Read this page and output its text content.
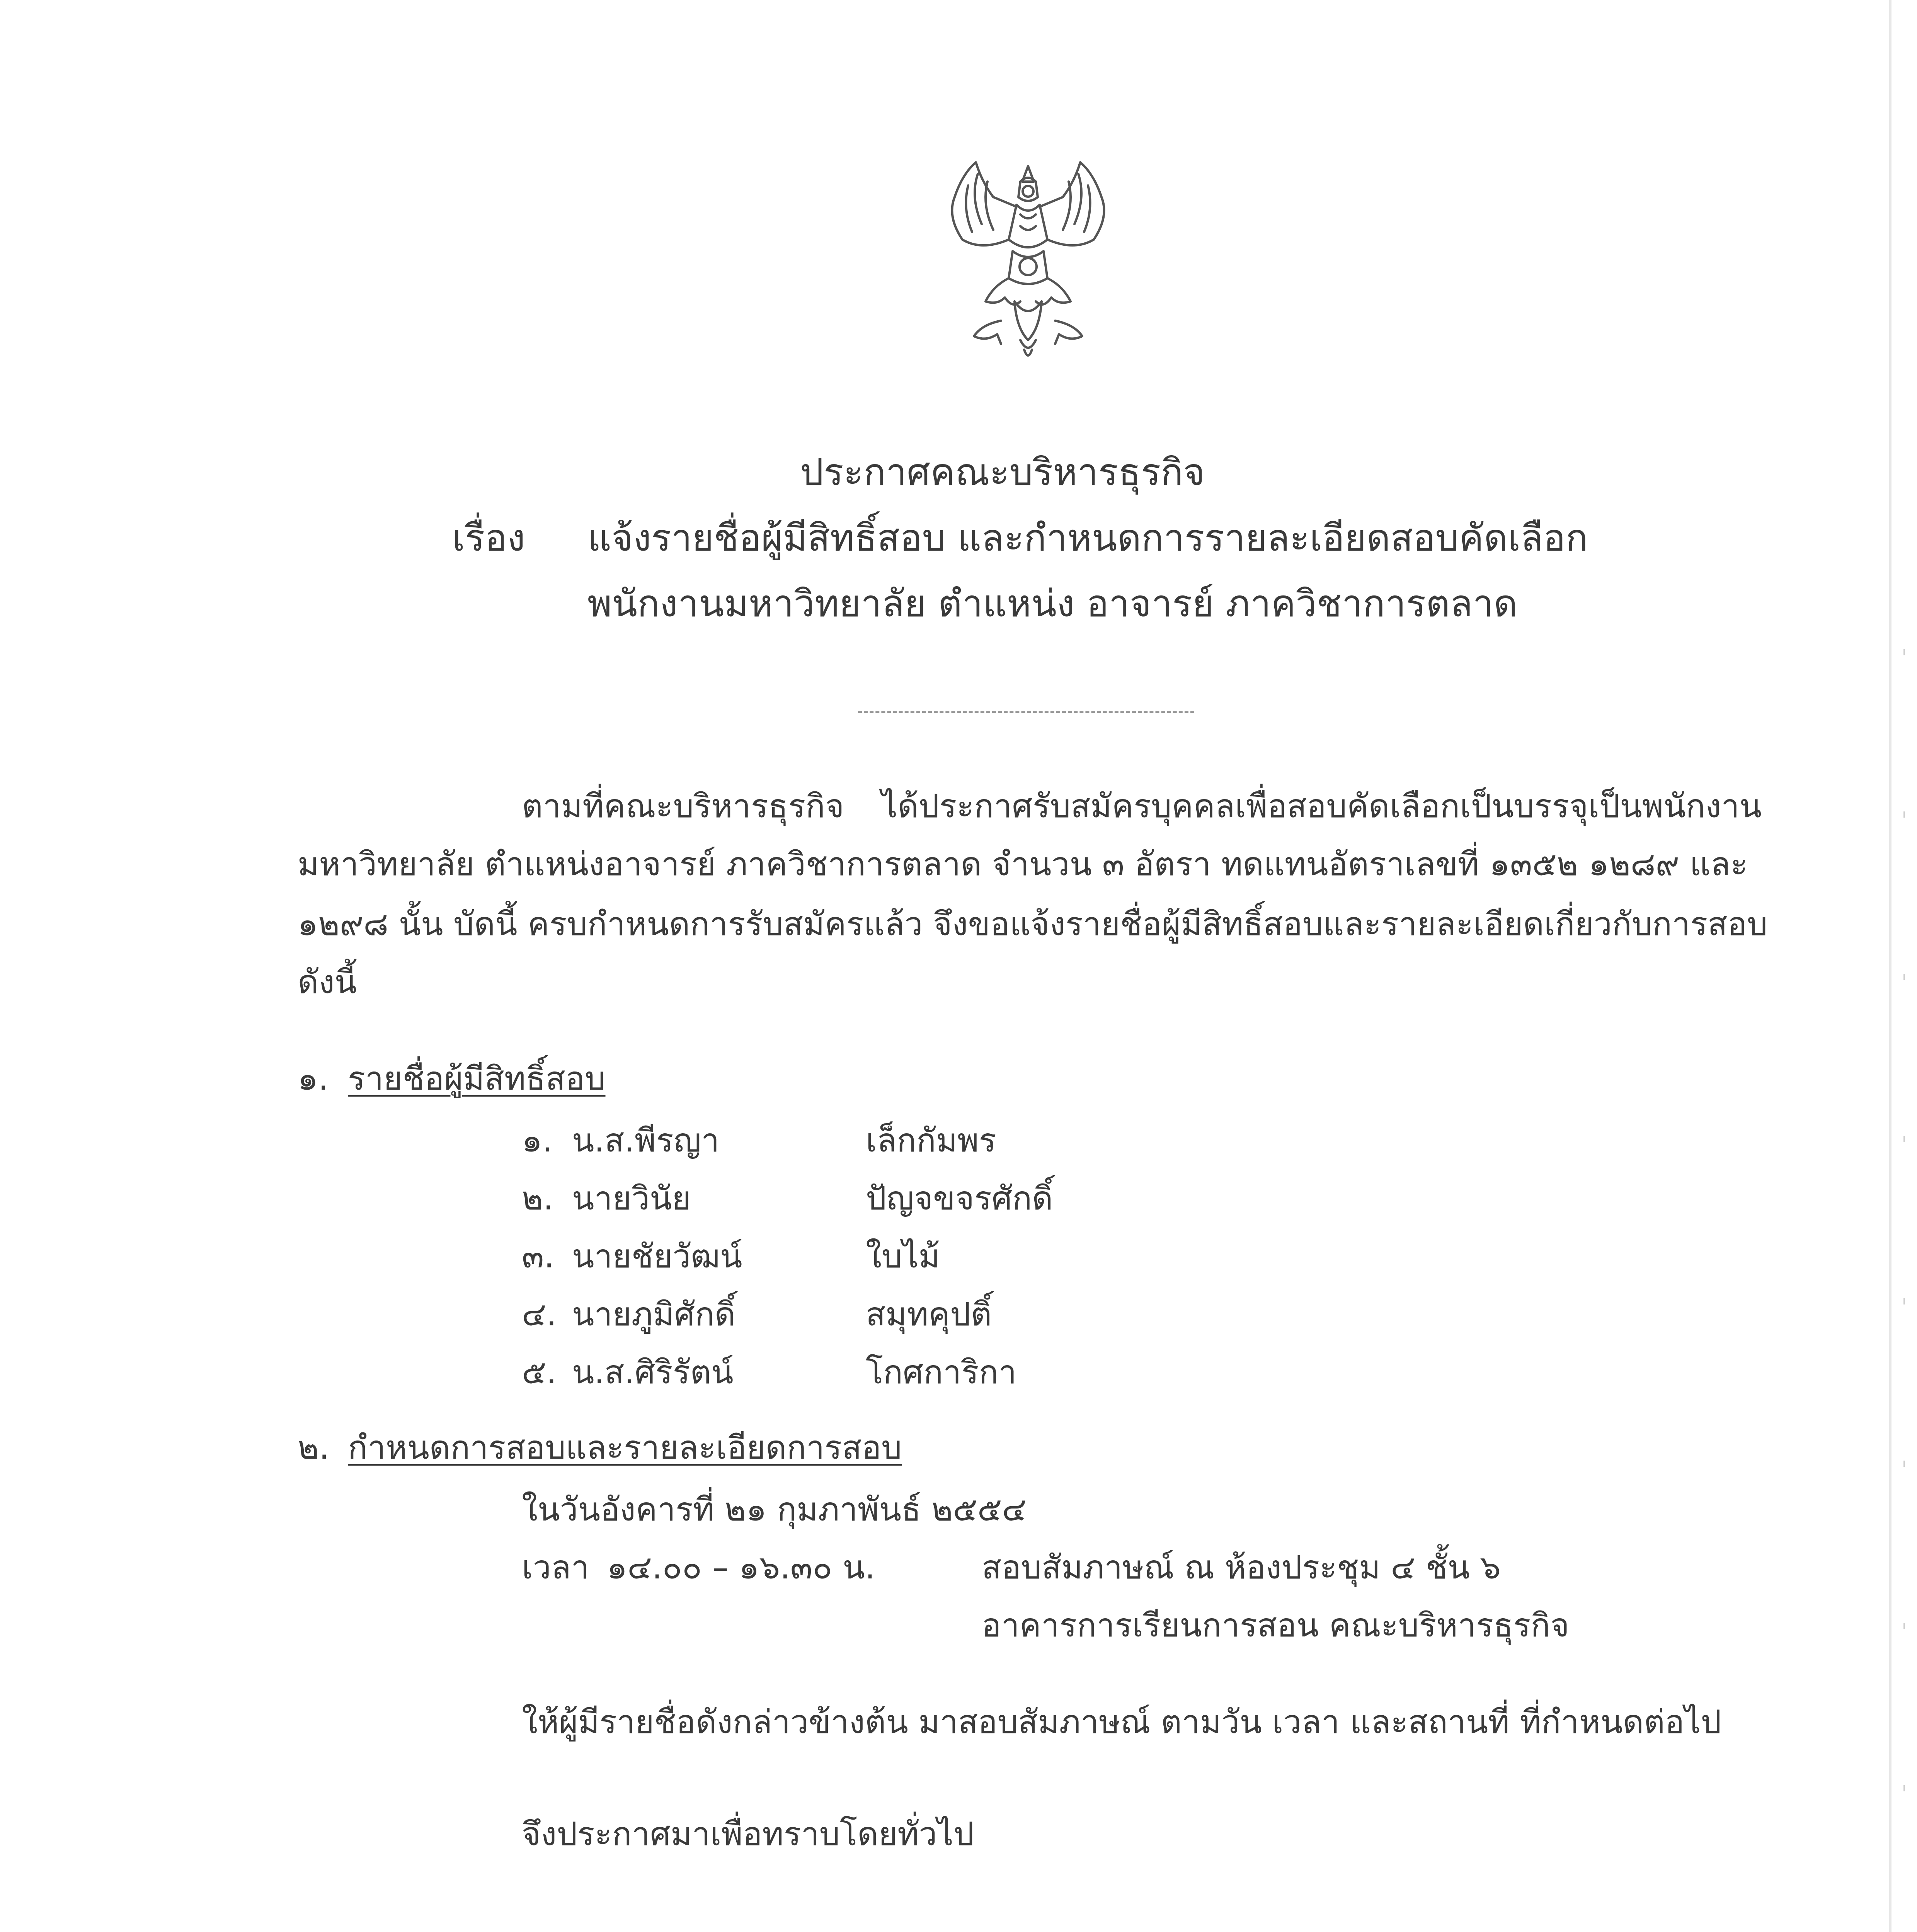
ประกาศคณะบริหารธุรกิจ
เรื่อง แจ้งรายชื่อผู้มีสิทธิ์สอบ และกำหนดการรายละเอียดสอบคัดเลือก
พนักงานมหาวิทยาลัย ตำแหน่ง อาจารย์ ภาควิชาการตลาด
ตามที่คณะบริหารธุรกิจ ได้ประกาศรับสมัครบุคคลเพื่อสอบคัดเลือกเป็นบรรจุเป็นพนักงาน
มหาวิทยาลัย ตำแหน่งอาจารย์ ภาควิชาการตลาด จำนวน ๓ อัตรา ทดแทนอัตราเลขที่ ๑๓๕๒ ๑๒๘๙ และ
๑๒๙๘ นั้น บัดนี้ ครบกำหนดการรับสมัครแล้ว จึงขอแจ้งรายชื่อผู้มีสิทธิ์สอบและรายละเอียดเกี่ยวกับการสอบ
ดังนี้
๑. รายชื่อผู้มีสิทธิ์สอบ
๑. น.ส.พีรญา	เล็กกัมพร
๒. นายวินัย	ปัญจขจรศักดิ์
๓. นายชัยวัฒน์	ใบไม้
๔. นายภูมิศักดิ์	สมุทคุปติ์
๕. น.ส.ศิริรัตน์	โกศการิกา
๒. กำหนดการสอบและรายละเอียดการสอบ
ในวันอังคารที่ ๒๑ กุมภาพันธ์ ๒๕๕๔
เวลา ๑๔.๐๐ – ๑๖.๓๐ น.	สอบสัมภาษณ์ ณ ห้องประชุม ๔ ชั้น ๖
อาคารการเรียนการสอน คณะบริหารธุรกิจ
ให้ผู้มีรายชื่อดังกล่าวข้างต้น มาสอบสัมภาษณ์ ตามวัน เวลา และสถานที่ ที่กำหนดต่อไป
จึงประกาศมาเพื่อทราบโดยทั่วไป
